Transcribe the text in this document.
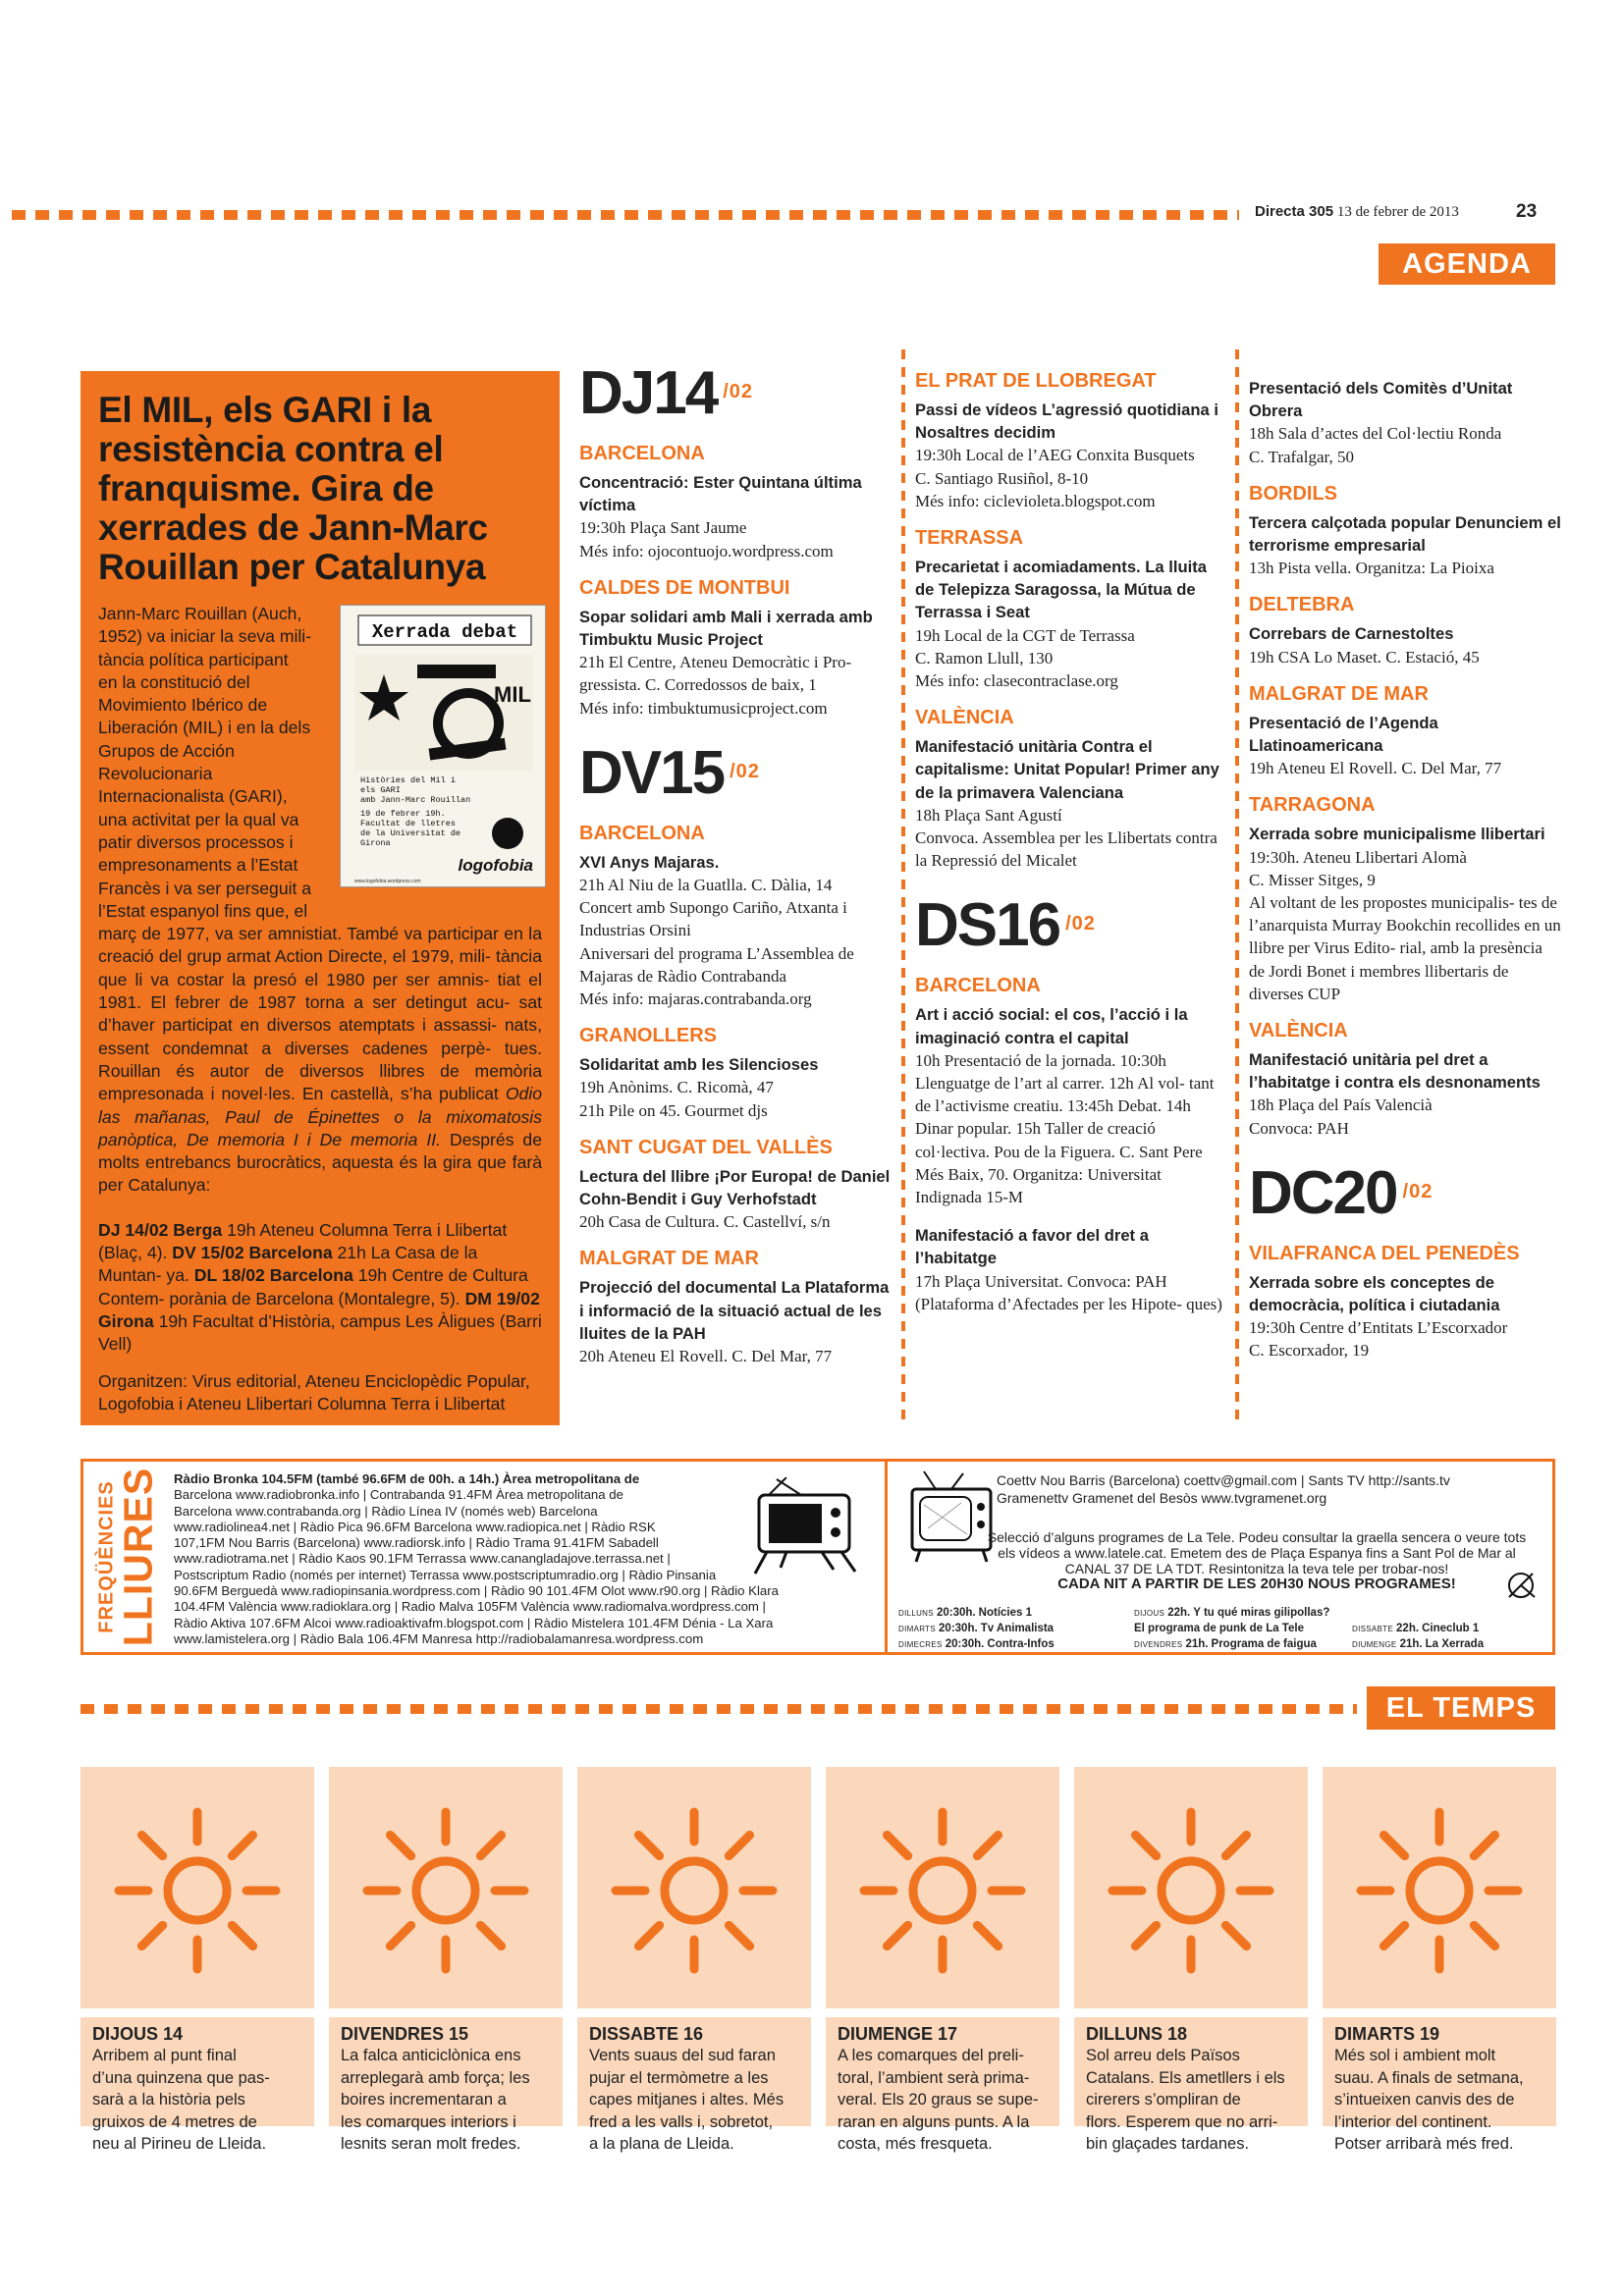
Directa 305 13 de febrer de 2013	23
AGENDA
El MIL, els GARI i la resistència contra el franquisme. Gira de xerrades de Jann-Marc Rouillan per Catalunya
Xerrada debat
MIL
Històries del Mil i
els GARI
amb Jann-Marc Rouillan
19 de febrer 19h.
Facultat de lletres
de la Universitat de
Girona
logofobia
www.logofobia.wordpress.com
Jann-Marc Rouillan (Auch,
1952) va iniciar la seva mili-
tància política participant
en la constitució del
Movimiento Ibérico de
Liberación (MIL) i en la dels
Grupos de Acción
Revolucionaria
Internacionalista (GARI),
una activitat per la qual va
patir diversos processos i
empresonaments a l’Estat
Francès i va ser perseguit a
l’Estat espanyol fins que, el
març de 1977, va ser amnistiat. També va participar en la creació del grup armat Action Directe, el 1979, mili- tància que li va costar la presó el 1980 per ser amnis- tiat el 1981. El febrer de 1987 torna a ser detingut acu- sat d’haver participat en diversos atemptats i assassi- nats, essent condemnat a diverses cadenes perpè- tues. Rouillan és autor de diversos llibres de memòria empresonada i novel·les. En castellà, s’ha publicat Odio las mañanas, Paul de Épinettes o la mixomatosis panòptica, De memoria I i De memoria II. Després de molts entrebancs burocràtics, aquesta és la gira que farà per Catalunya:
DJ 14/02 Berga 19h Ateneu Columna Terra i Llibertat (Blaç, 4). DV 15/02 Barcelona 21h La Casa de la Muntan- ya. DL 18/02 Barcelona 19h Centre de Cultura Contem- porània de Barcelona (Montalegre, 5). DM 19/02 Girona 19h Facultat d’Història, campus Les Àligues (Barri Vell)
Organitzen: Virus editorial, Ateneu Enciclopèdic Popular, Logofobia i Ateneu Llibertari Columna Terra i Llibertat
DJ14 /02
BARCELONA
Concentració: Ester Quintana última víctima
19:30h Plaça Sant Jaume
Més info: ojocontuojo.wordpress.com
CALDES DE MONTBUI
Sopar solidari amb Mali i xerrada amb Timbuktu Music Project
21h El Centre, Ateneu Democràtic i Pro- gressista. C. Corredossos de baix, 1
Més info: timbuktumusicproject.com
DV15 /02
BARCELONA
XVI Anys Majaras.
21h Al Niu de la Guatlla. C. Dàlia, 14
Concert amb Supongo Cariño, Atxanta i Industrias Orsini
Aniversari del programa L’Assemblea de Majaras de Ràdio Contrabanda
Més info: majaras.contrabanda.org
GRANOLLERS
Solidaritat amb les Silencioses
19h Anònims. C. Ricomà, 47
21h Pile on 45. Gourmet djs
SANT CUGAT DEL VALLÈS
Lectura del llibre ¡Por Europa! de Daniel Cohn-Bendit i Guy Verhofstadt
20h Casa de Cultura. C. Castellví, s/n
MALGRAT DE MAR
Projecció del documental La Plataforma i informació de la situació actual de les lluites de la PAH
20h Ateneu El Rovell. C. Del Mar, 77
EL PRAT DE LLOBREGAT
Passi de vídeos L’agressió quotidiana i Nosaltres decidim
19:30h Local de l’AEG Conxita Busquets
C. Santiago Rusiñol, 8-10
Més info: ciclevioleta.blogspot.com
TERRASSA
Precarietat i acomiadaments. La lluita de Telepizza Saragossa, la Mútua de Terrassa i Seat
19h Local de la CGT de Terrassa
C. Ramon Llull, 130
Més info: clasecontraclase.org
VALÈNCIA
Manifestació unitària Contra el capitalisme: Unitat Popular! Primer any de la primavera Valenciana
18h Plaça Sant Agustí
Convoca. Assemblea per les Llibertats contra la Repressió del Micalet
DS16 /02
BARCELONA
Art i acció social: el cos, l’acció i la imaginació contra el capital
10h Presentació de la jornada. 10:30h Llenguatge de l’art al carrer. 12h Al vol- tant de l’activisme creatiu. 13:45h Debat. 14h Dinar popular. 15h Taller de creació col·lectiva. Pou de la Figuera. C. Sant Pere Més Baix, 70. Organitza: Universitat Indignada 15-M
Manifestació a favor del dret a l’habitatge
17h Plaça Universitat. Convoca: PAH (Plataforma d’Afectades per les Hipote- ques)
Presentació dels Comitès d’Unitat Obrera
18h Sala d’actes del Col·lectiu Ronda
C. Trafalgar, 50
BORDILS
Tercera calçotada popular Denunciem el terrorisme empresarial
13h Pista vella. Organitza: La Pioixa
DELTEBRA
Correbars de Carnestoltes
19h CSA Lo Maset. C. Estació, 45
MALGRAT DE MAR
Presentació de l’Agenda Llatinoamericana
19h Ateneu El Rovell. C. Del Mar, 77
TARRAGONA
Xerrada sobre municipalisme llibertari
19:30h. Ateneu Llibertari Alomà
C. Misser Sitges, 9
Al voltant de les propostes municipalis- tes de l’anarquista Murray Bookchin recollides en un llibre per Virus Edito- rial, amb la presència de Jordi Bonet i membres llibertaris de diverses CUP
VALÈNCIA
Manifestació unitària pel dret a l’habitatge i contra els desnonaments
18h Plaça del País Valencià
Convoca: PAH
DC20 /02
VILAFRANCA DEL PENEDÈS
Xerrada sobre els conceptes de democràcia, política i ciutadania
19:30h Centre d’Entitats L’Escorxador
C. Escorxador, 19
FREQÜÈNCIES
LLIURES Ràdio Bronka 104.5FM (també 96.6FM de 00h. a 14h.) Àrea metropolitana de
Barcelona www.radiobronka.info | Contrabanda 91.4FM Àrea metropolitana de
Barcelona www.contrabanda.org | Ràdio Línea IV (només web) Barcelona
www.radiolinea4.net | Ràdio Pica 96.6FM Barcelona www.radiopica.net | Ràdio RSK
107,1FM Nou Barris (Barcelona) www.radiorsk.info | Ràdio Trama 91.41FM Sabadell
www.radiotrama.net | Ràdio Kaos 90.1FM Terrassa www.canangladajove.terrassa.net |
Postscriptum Radio (només per internet) Terrassa www.postscriptumradio.org | Ràdio Pinsania
90.6FM Berguedà www.radiopinsania.wordpress.com | Ràdio 90 101.4FM Olot www.r90.org | Ràdio Klara
104.4FM València www.radioklara.org | Radio Malva 105FM València www.radiomalva.wordpress.com |
Ràdio Aktiva 107.6FM Alcoi www.radioaktivafm.blogspot.com | Ràdio Mistelera 101.4FM Dénia - La Xara
www.lamistelera.org | Ràdio Bala 106.4FM Manresa http://radiobalamanresa.wordpress.com
Coettv Nou Barris (Barcelona) coettv@gmail.com | Sants TV http://sants.tv
Gramenettv Gramenet del Besòs www.tvgramenet.org
Selecció d’alguns programes de La Tele. Podeu consultar la graella sencera o veure tots els vídeos a www.latele.cat. Emetem des de Plaça Espanya fins a Sant Pol de Mar al CANAL 37 DE LA TDT. Resintonitza la teva tele per trobar-nos!
CADA NIT A PARTIR DE LES 20H30 NOUS PROGRAMES!
DILLUNS 20:30h. Notícies 1
DIMARTS 20:30h. Tv Animalista
DIMECRES 20:30h. Contra-Infos
DIJOUS 22h. Y tu qué miras gilipollas?
El programa de punk de La Tele
DIVENDRES 21h. Programa de faigua
DISSABTE 22h. Cineclub 1
DIUMENGE 21h. La Xerrada
EL TEMPS
DIJOUS 14
Arribem al punt final
d’una quinzena que pas-
sarà a la història pels
gruixos de 4 metres de
neu al Pirineu de Lleida.
DIVENDRES 15
La falca anticiclònica ens
arreplegarà amb força; les
boires incrementaran a
les comarques interiors i
lesnits seran molt fredes.
DISSABTE 16
Vents suaus del sud faran
pujar el termòmetre a les
capes mitjanes i altes. Més
fred a les valls i, sobretot,
a la plana de Lleida.
DIUMENGE 17
A les comarques del preli-
toral, l’ambient serà prima-
veral. Els 20 graus se supe-
raran en alguns punts. A la
costa, més fresqueta.
DILLUNS 18
Sol arreu dels Països
Catalans. Els ametllers i els
cirerers s’ompliran de
flors. Esperem que no arri-
bin glaçades tardanes.
DIMARTS 19
Més sol i ambient molt
suau. A finals de setmana,
s’intueixen canvis des de
l’interior del continent.
Potser arribarà més fred.
